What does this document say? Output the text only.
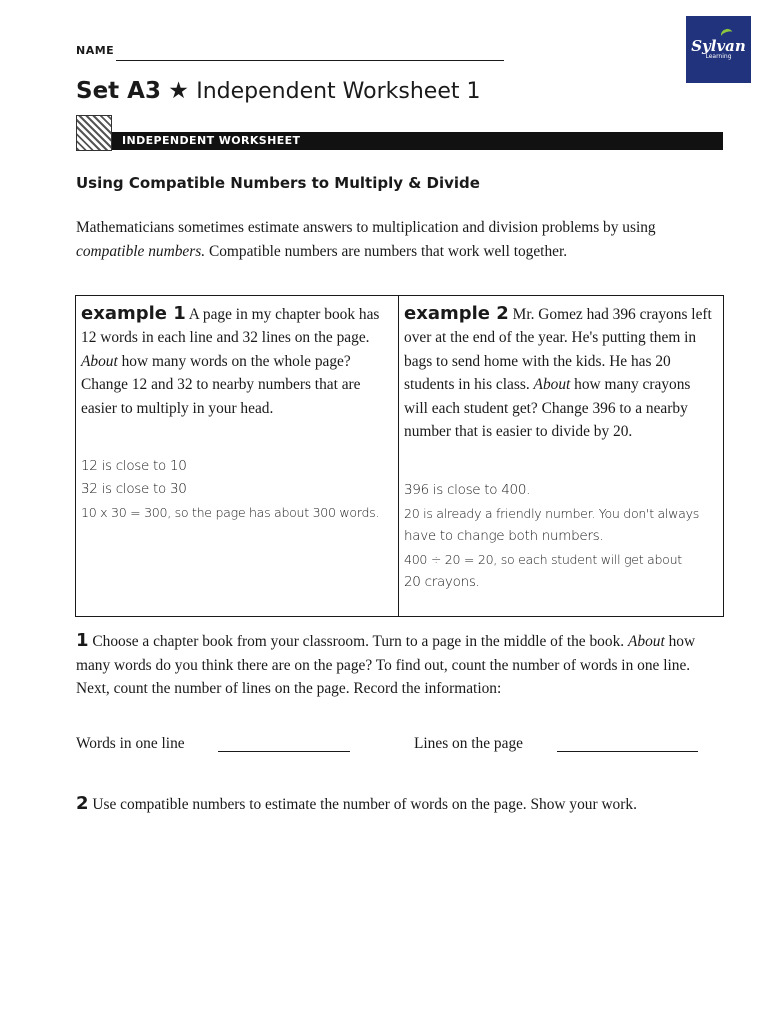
NAME	Sylvan
Learning
Set A3 ★ Independent Worksheet 1
INDEPENDENT WORKSHEET
Using Compatible Numbers to Multiply & Divide
Mathematicians sometimes estimate answers to multiplication and division problems by using compatible numbers. Compatible numbers are numbers that work well together.
example 1 A page in my chapter book has 12 words in each line and 32 lines on the page. About how many words on the whole page? Change 12 and 32 to nearby numbers that are easier to multiply in your head.
12 is close to 10
32 is close to 30
10 x 30 = 300, so the page has about 300 words.
example 2 Mr. Gomez had 396 crayons left over at the end of the year. He's putting them in bags to send home with the kids. He has 20 students in his class. About how many crayons will each student get? Change 396 to a nearby number that is easier to divide by 20.
396 is close to 400.
20 is already a friendly number. You don't always
have to change both numbers.
400 ÷ 20 = 20, so each student will get about
20 crayons.
1 Choose a chapter book from your classroom. Turn to a page in the middle of the book. About how many words do you think there are on the page? To find out, count the number of words in one line. Next, count the number of lines on the page. Record the information:
Words in one line	Lines on the page
2 Use compatible numbers to estimate the number of words on the page. Show your work.
